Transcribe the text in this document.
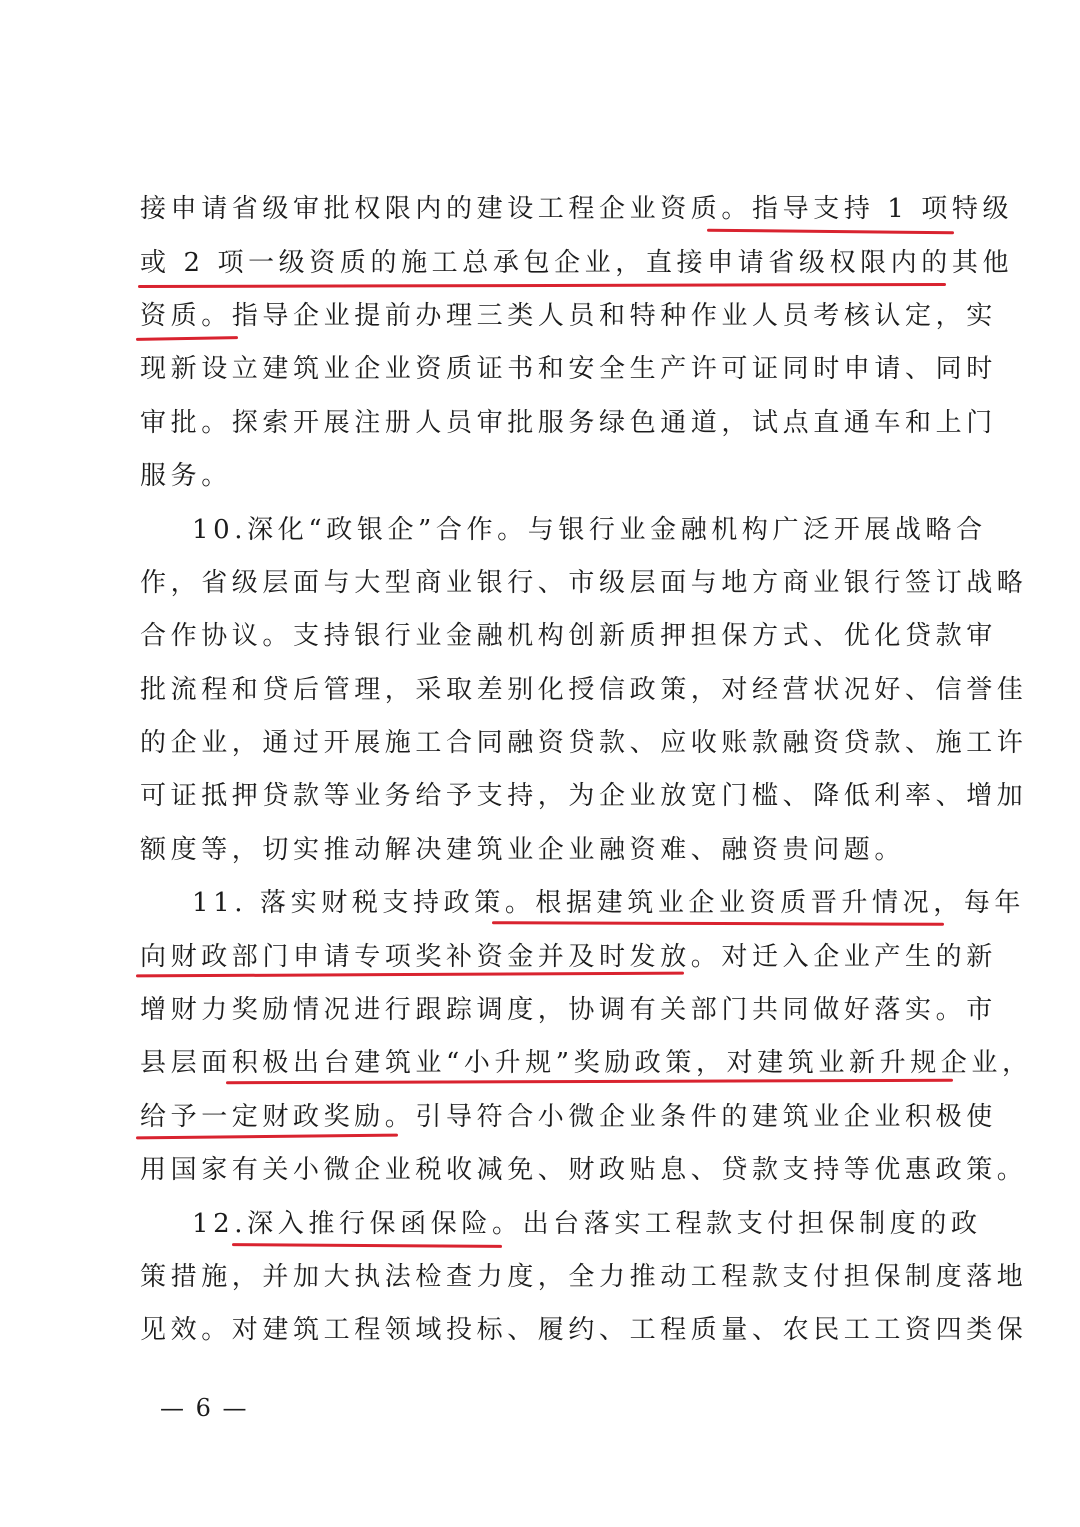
接申请省级审批权限内的建设工程企业资质。指导支持 1 项特级
或 2 项一级资质的施工总承包企业，直接申请省级权限内的其他
资质。指导企业提前办理三类人员和特种作业人员考核认定，实
现新设立建筑业企业资质证书和安全生产许可证同时申请、同时
审批。探索开展注册人员审批服务绿色通道，试点直通车和上门
服务。
10.深化“政银企”合作。与银行业金融机构广泛开展战略合
作，省级层面与大型商业银行、市级层面与地方商业银行签订战略
合作协议。支持银行业金融机构创新质押担保方式、优化贷款审
批流程和贷后管理，采取差别化授信政策，对经营状况好、信誉佳
的企业，通过开展施工合同融资贷款、应收账款融资贷款、施工许
可证抵押贷款等业务给予支持，为企业放宽门槛、降低利率、增加
额度等，切实推动解决建筑业企业融资难、融资贵问题。
11. 落实财税支持政策。根据建筑业企业资质晋升情况，每年
向财政部门申请专项奖补资金并及时发放。对迁入企业产生的新
增财力奖励情况进行跟踪调度，协调有关部门共同做好落实。市
县层面积极出台建筑业“小升规”奖励政策，对建筑业新升规企业，
给予一定财政奖励。引导符合小微企业条件的建筑业企业积极使
用国家有关小微企业税收减免、财政贴息、贷款支持等优惠政策。
12.深入推行保函保险。出台落实工程款支付担保制度的政
策措施，并加大执法检查力度，全力推动工程款支付担保制度落地
见效。对建筑工程领域投标、履约、工程质量、农民工工资四类保
— 6 —
